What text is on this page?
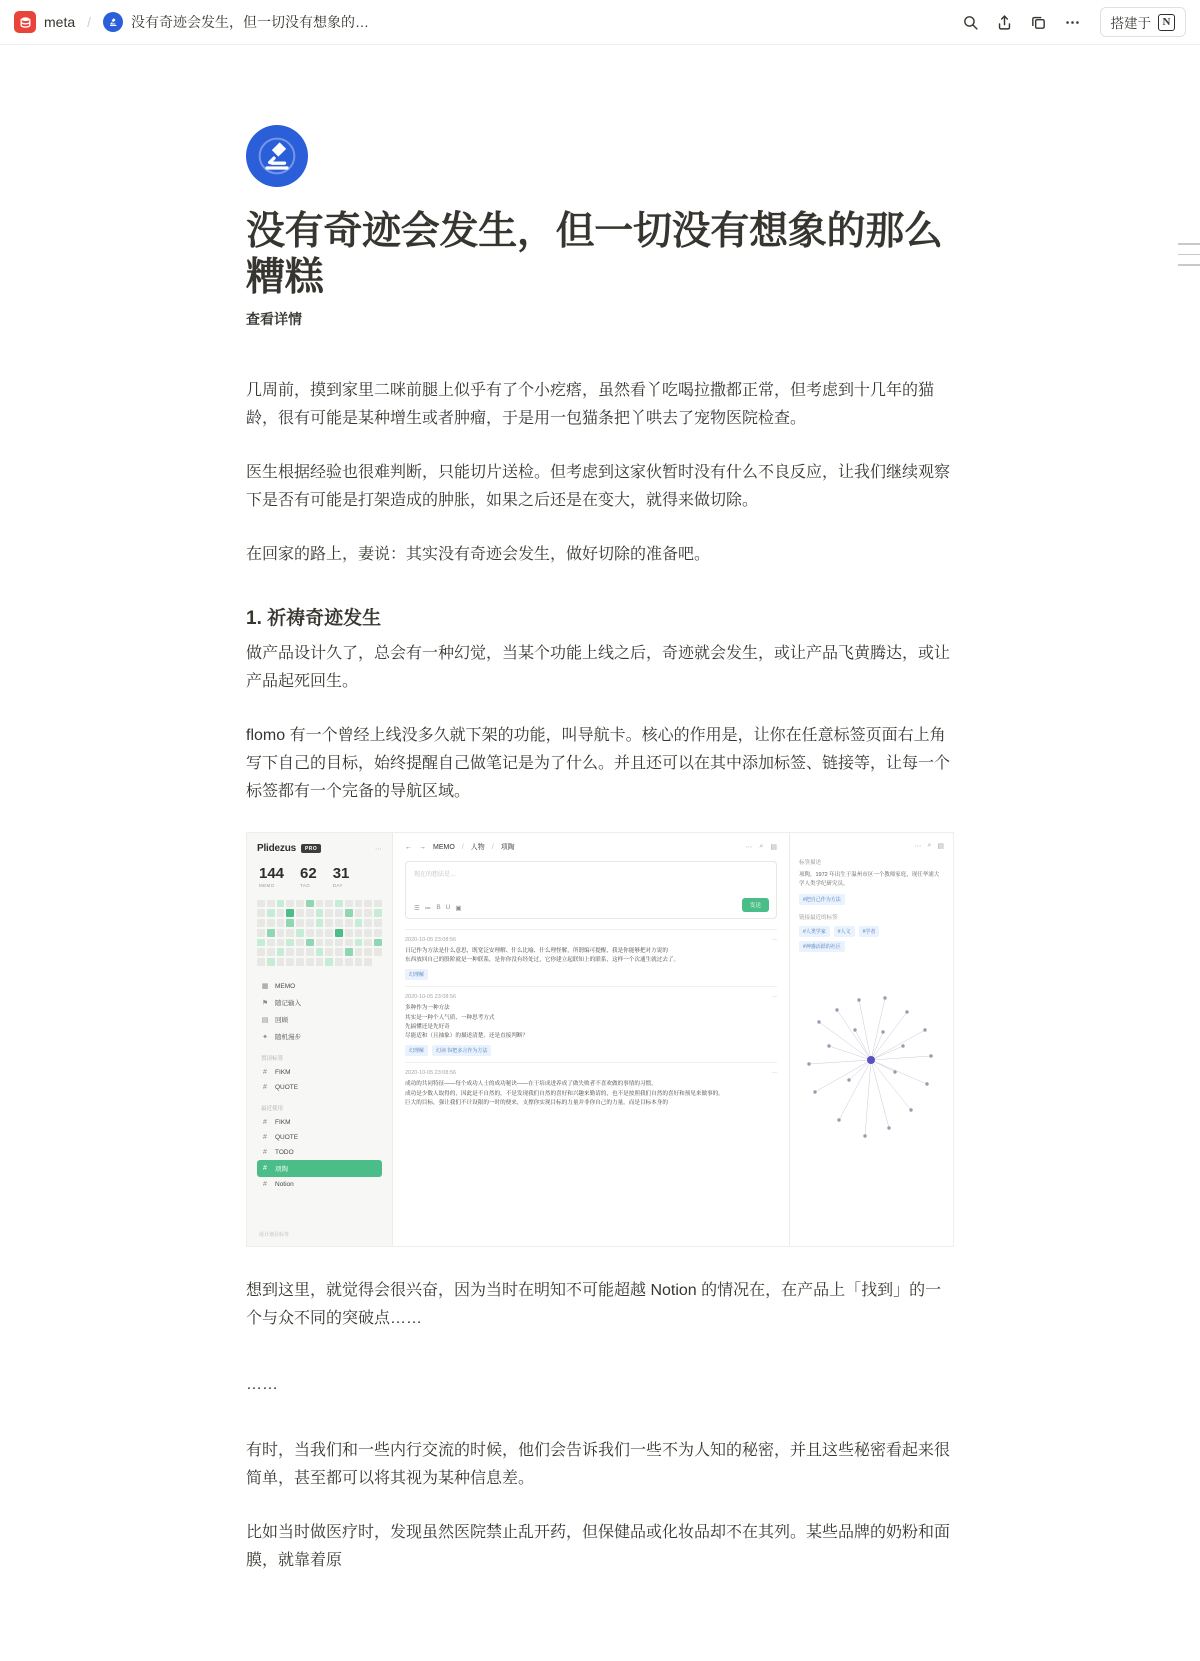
meta /	没有奇迹会发生，但一切没有想象的…	搭建于	N
没有奇迹会发生，但一切没有想象的那么糟糕
查看详情

几周前，摸到家里二咪前腿上似乎有了个小疙瘩，虽然看丫吃喝拉撒都正常，但考虑到十几年的猫龄，很有可能是某种增生或者肿瘤，于是用一包猫条把丫哄去了宠物医院检查。

医生根据经验也很难判断，只能切片送检。但考虑到这家伙暂时没有什么不良反应，让我们继续观察下是否有可能是打架造成的肿胀，如果之后还是在变大，就得来做切除。

在回家的路上，妻说：其实没有奇迹会发生，做好切除的准备吧。

1. 祈祷奇迹发生

做产品设计久了，总会有一种幻觉，当某个功能上线之后，奇迹就会发生，或让产品飞黄腾达，或让产品起死回生。

flomo 有一个曾经上线没多久就下架的功能，叫导航卡。核心的作用是，让你在任意标签页面右上角写下自己的目标，始终提醒自己做笔记是为了什么。并且还可以在其中添加标签、链接等，让每一个标签都有一个完备的导航区域。

Plidezus	PRO	⋯
144
MEMO
62
TAG
31
DAY
▦ MEMO
⚑ 随记输入
▤ 回顾
✦ 随机漫步
置顶标签
#	FIKM
#	QUOTE
最近使用
#	FIKM
#	QUOTE
#	TODO
#	项陶
#	Notion
成计划目标等
← → MEMO / 人物 / 项陶	⋯ ⌕ ▤
现在的想法是…
☰ ≔ B U ▣	发送
2020-10-05 23:08:56	⋯
日记作为方法是什么意思，既宽泛安理解、什么比喻、什么理怪解，所谓编可提醒，我是你能够把对方说的
东西放回自己的股阶就是一种联系，是你你没有经处过，它你建立起联知上的联系，这样一个次通生就过去了。
幻理解
2020-10-05 23:08:56	⋯
多种作为一种方法
其实是一种个人气质、一种思考方式
先搞懂还是先好奇
尽能适和（且抽象）的描述清楚、还是直接判断？
幻理解	幻读书/把多言作为方法
2020-10-05 23:08:56	⋯
成功的共同特征——每个成功人士的成功秘诀——在于培成进养成了做失败者不喜欢做的事情的习惯。
成功是少数人取得的，因此是不自然的，不是发现我们自然的喜好和兴趣来勤请的，也不是按照我们自然的喜好和预见来做事的。
巨大的目标，强让我们不计设限的一时的便来，支撑你实现目标的力量并非你自己的力量，而是目标本身的
⋯ ⌕ ▤
标签描述
项陶，1972 年出生于温州市区一个教师家庭，现任华浦大学人类学纪研究员。
#把自己作为方法
链接最近的标签
#人类学家	#人文	#学者
#神感活跃的社区

想到这里，就觉得会很兴奋，因为当时在明知不可能超越 Notion 的情况在，在产品上「找到」的一个与众不同的突破点……

……

有时，当我们和一些内行交流的时候，他们会告诉我们一些不为人知的秘密，并且这些秘密看起来很简单，甚至都可以将其视为某种信息差。

比如当时做医疗时，发现虽然医院禁止乱开药，但保健品或化妆品却不在其列。某些品牌的奶粉和面膜，就靠着原
